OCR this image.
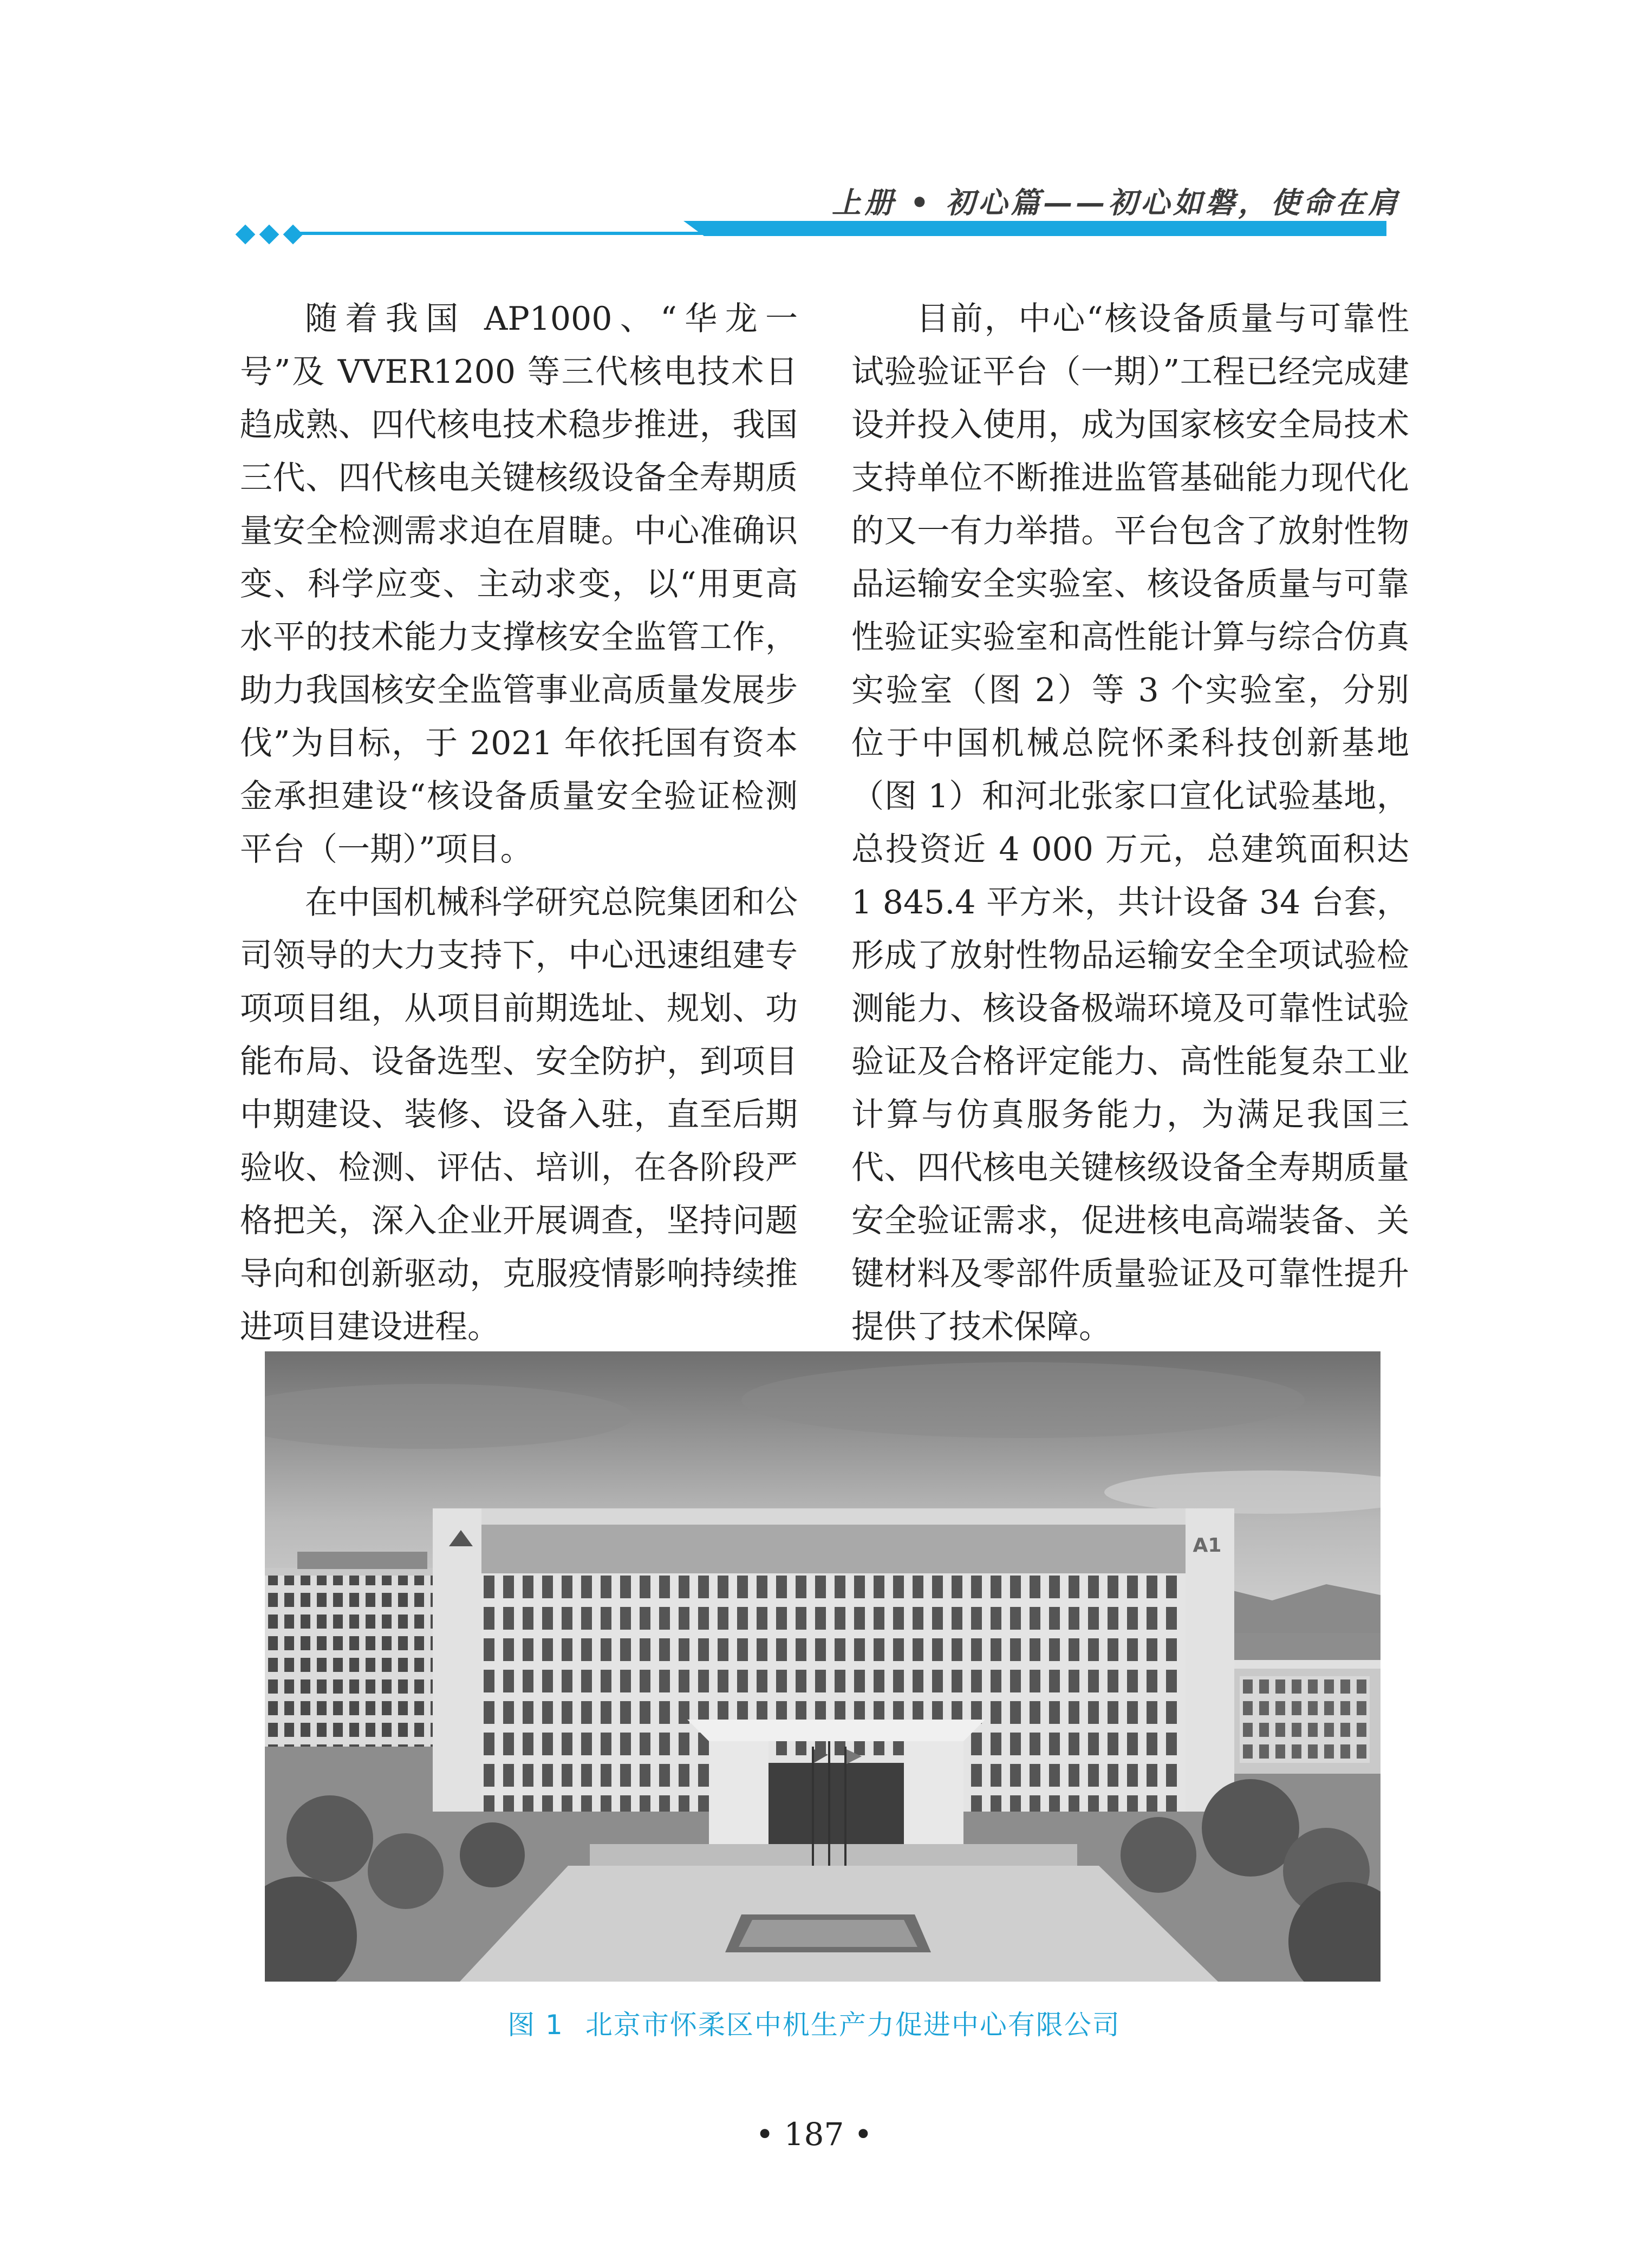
上册 • 初心篇——初心如磐，使命在肩

随着我国 AP1000、“华龙一号”及 VVER1200 等三代核电技术日趋成熟、四代核电技术稳步推进，我国三代、四代核电关键核级设备全寿期质量安全检测需求迫在眉睫。中心准确识变、科学应变、主动求变，以“用更高水平的技术能力支撑核安全监管工作，助力我国核安全监管事业高质量发展步伐”为目标，于 2021 年依托国有资本金承担建设“核设备质量安全验证检测平台（一期）”项目。

在中国机械科学研究总院集团和公司领导的大力支持下，中心迅速组建专项项目组，从项目前期选址、规划、功能布局、设备选型、安全防护，到项目中期建设、装修、设备入驻，直至后期验收、检测、评估、培训，在各阶段严格把关，深入企业开展调查，坚持问题导向和创新驱动，克服疫情影响持续推进项目建设进程。

目前，中心“核设备质量与可靠性试验验证平台（一期）”工程已经完成建设并投入使用，成为国家核安全局技术支持单位不断推进监管基础能力现代化的又一有力举措。平台包含了放射性物品运输安全实验室、核设备质量与可靠性验证实验室和高性能计算与综合仿真实验室（图 2）等 3 个实验室，分别位于中国机械总院怀柔科技创新基地（图 1）和河北张家口宣化试验基地，总投资近 4 000 万元，总建筑面积达 1 845.4 平方米，共计设备 34 台套，形成了放射性物品运输安全全项试验检测能力、核设备极端环境及可靠性试验验证及合格评定能力、高性能复杂工业计算与仿真服务能力，为满足我国三代、四代核电关键核级设备全寿期质量安全验证需求，促进核电高端装备、关键材料及零部件质量验证及可靠性提升提供了技术保障。

A1
图 1 北京市怀柔区中机生产力促进中心有限公司
• 187 •
